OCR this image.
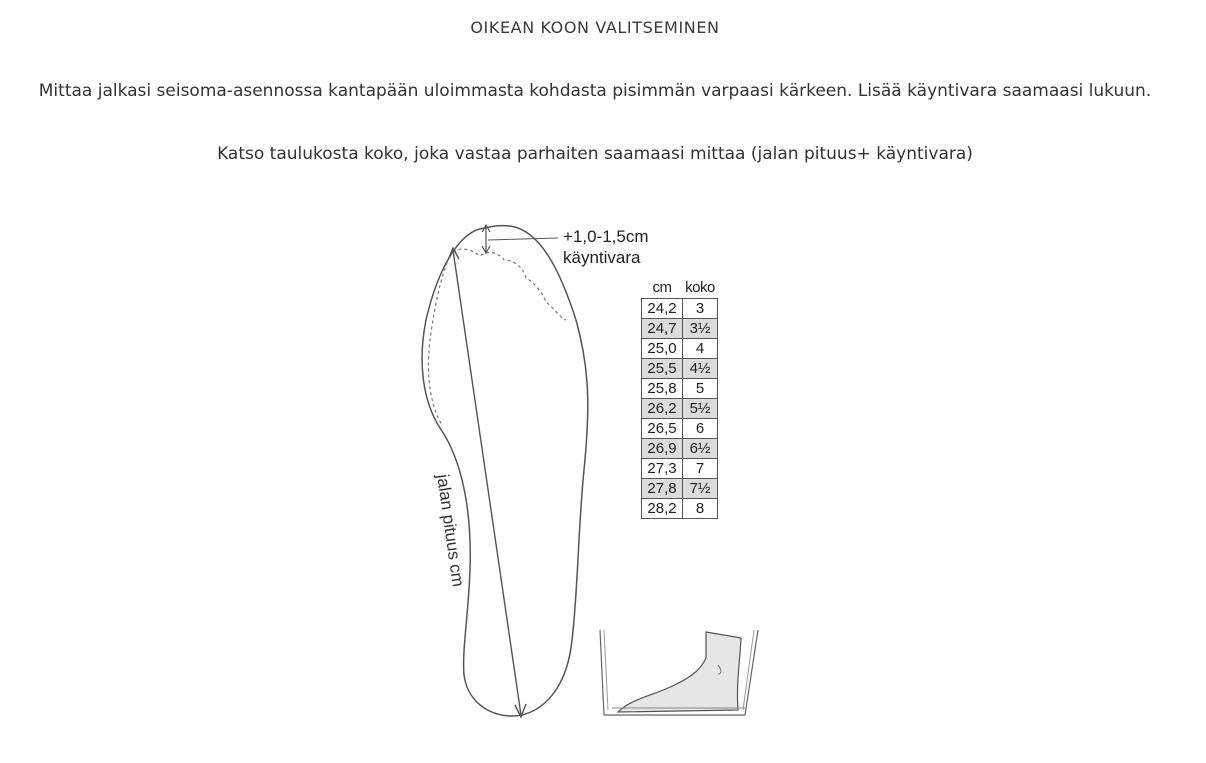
OIKEAN KOON VALITSEMINEN
Mittaa jalkasi seisoma-asennossa kantapään uloimmasta kohdasta pisimmän varpaasi kärkeen. Lisää käyntivara saamaasi lukuun.
Katso taulukosta koko, joka vastaa parhaiten saamaasi mittaa (jalan pituus+ käyntivara)
+1,0-1,5cm
käyntivara
jalan pituus cm
cm	koko
24,2	3
24,7	3½
25,0	4
25,5	4½
25,8	5
26,2	5½
26,5	6
26,9	6½
27,3	7
27,8	7½
28,2	8
